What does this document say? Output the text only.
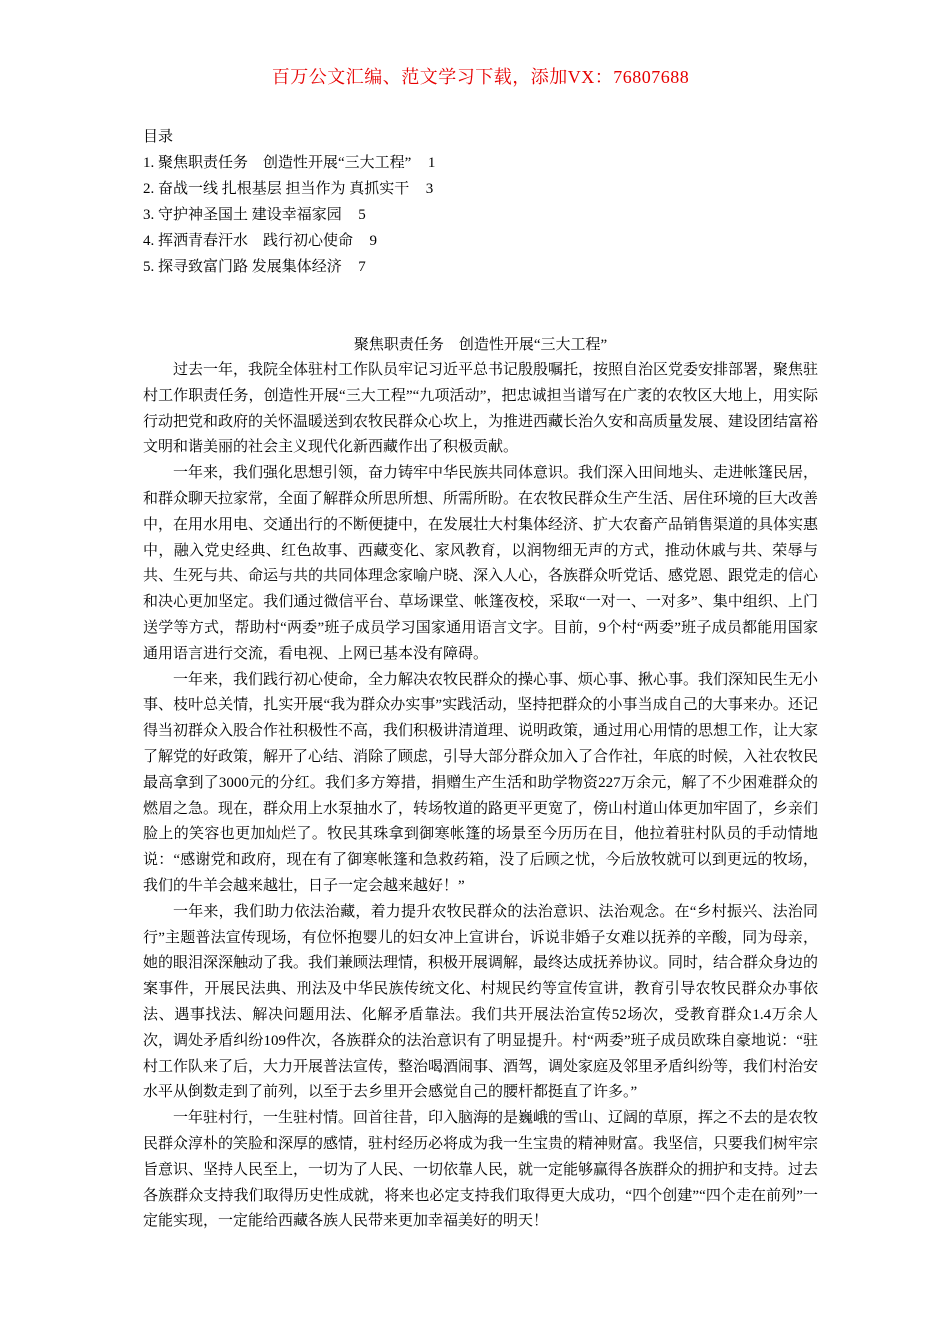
百万公文汇编、范文学习下载，添加VX：76807688
目录
1. 聚焦职责任务　创造性开展“三大工程” 1
2. 奋战一线 扎根基层 担当作为 真抓实干 3
3. 守护神圣国土 建设幸福家园 5
4. 挥洒青春汗水　践行初心使命 9
5. 探寻致富门路 发展集体经济 7
聚焦职责任务　创造性开展“三大工程”

过去一年，我院全体驻村工作队员牢记习近平总书记殷殷嘱托，按照自治区党委安排部署，聚焦驻村工作职责任务，创造性开展“三大工程”“九项活动”，把忠诚担当谱写在广袤的农牧区大地上，用实际行动把党和政府的关怀温暖送到农牧民群众心坎上，为推进西藏长治久安和高质量发展、建设团结富裕文明和谐美丽的社会主义现代化新西藏作出了积极贡献。

一年来，我们强化思想引领，奋力铸牢中华民族共同体意识。我们深入田间地头、走进帐篷民居，和群众聊天拉家常，全面了解群众所思所想、所需所盼。在农牧民群众生产生活、居住环境的巨大改善中，在用水用电、交通出行的不断便捷中，在发展壮大村集体经济、扩大农畜产品销售渠道的具体实惠中，融入党史经典、红色故事、西藏变化、家风教育，以润物细无声的方式，推动休戚与共、荣辱与共、生死与共、命运与共的共同体理念家喻户晓、深入人心，各族群众听党话、感党恩、跟党走的信心和决心更加坚定。我们通过微信平台、草场课堂、帐篷夜校，采取“一对一、一对多”、集中组织、上门送学等方式，帮助村“两委”班子成员学习国家通用语言文字。目前，9个村“两委”班子成员都能用国家通用语言进行交流，看电视、上网已基本没有障碍。

一年来，我们践行初心使命，全力解决农牧民群众的操心事、烦心事、揪心事。我们深知民生无小事、枝叶总关情，扎实开展“我为群众办实事”实践活动，坚持把群众的小事当成自己的大事来办。还记得当初群众入股合作社积极性不高，我们积极讲清道理、说明政策，通过用心用情的思想工作，让大家了解党的好政策，解开了心结、消除了顾虑，引导大部分群众加入了合作社，年底的时候，入社农牧民最高拿到了3000元的分红。我们多方筹措，捐赠生产生活和助学物资227万余元，解了不少困难群众的燃眉之急。现在，群众用上水泵抽水了，转场牧道的路更平更宽了，傍山村道山体更加牢固了，乡亲们脸上的笑容也更加灿烂了。牧民其珠拿到御寒帐篷的场景至今历历在目，他拉着驻村队员的手动情地说：“感谢党和政府，现在有了御寒帐篷和急救药箱，没了后顾之忧，今后放牧就可以到更远的牧场，我们的牛羊会越来越壮，日子一定会越来越好！”

一年来，我们助力依法治藏，着力提升农牧民群众的法治意识、法治观念。在“乡村振兴、法治同行”主题普法宣传现场，有位怀抱婴儿的妇女冲上宣讲台，诉说非婚子女难以抚养的辛酸，同为母亲，她的眼泪深深触动了我。我们兼顾法理情，积极开展调解，最终达成抚养协议。同时，结合群众身边的案事件，开展民法典、刑法及中华民族传统文化、村规民约等宣传宣讲，教育引导农牧民群众办事依法、遇事找法、解决问题用法、化解矛盾靠法。我们共开展法治宣传52场次，受教育群众1.4万余人次，调处矛盾纠纷109件次，各族群众的法治意识有了明显提升。村“两委”班子成员欧珠自豪地说：“驻村工作队来了后，大力开展普法宣传，整治喝酒闹事、酒驾，调处家庭及邻里矛盾纠纷等，我们村治安水平从倒数走到了前列，以至于去乡里开会感觉自己的腰杆都挺直了许多。”

一年驻村行，一生驻村情。回首往昔，印入脑海的是巍峨的雪山、辽阔的草原，挥之不去的是农牧民群众淳朴的笑脸和深厚的感情，驻村经历必将成为我一生宝贵的精神财富。我坚信，只要我们树牢宗旨意识、坚持人民至上，一切为了人民、一切依靠人民，就一定能够赢得各族群众的拥护和支持。过去各族群众支持我们取得历史性成就，将来也必定支持我们取得更大成功，“四个创建”“四个走在前列”一定能实现，一定能给西藏各族人民带来更加幸福美好的明天！
